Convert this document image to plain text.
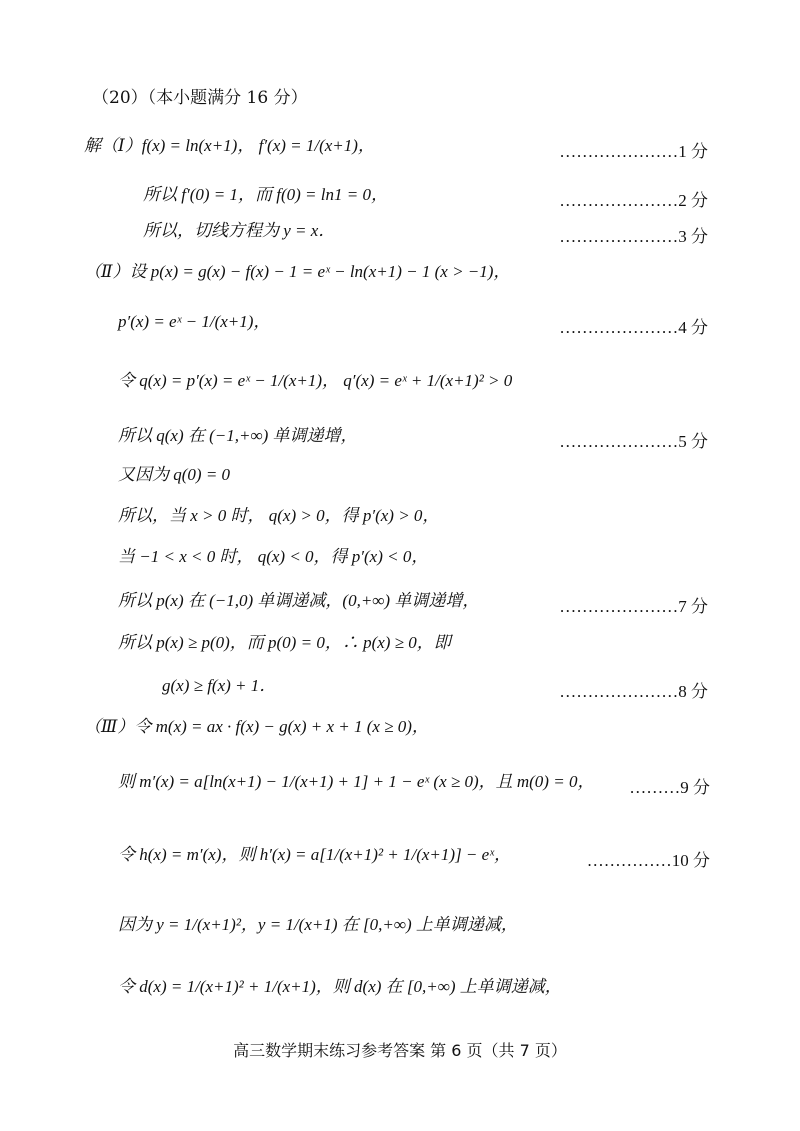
（20）（本小题满分 16 分）
解（Ⅰ）f(x) = ln(x+1)， f′(x) = 1/(x+1)，	…………………1 分
所以 f′(0) = 1，而 f(0) = ln1 = 0，	…………………2 分
所以，切线方程为 y = x．	…………………3 分
（Ⅱ）设 p(x) = g(x) − f(x) − 1 = eˣ − ln(x+1) − 1 (x > −1)，
p′(x) = eˣ − 1/(x+1)，	…………………4 分
令 q(x) = p′(x) = eˣ − 1/(x+1)， q′(x) = eˣ + 1/(x+1)² > 0
所以 q(x) 在 (−1,+∞) 单调递增，	…………………5 分
又因为 q(0) = 0
所以，当 x > 0 时， q(x) > 0，得 p′(x) > 0，
当 −1 < x < 0 时， q(x) < 0，得 p′(x) < 0，
所以 p(x) 在 (−1,0) 单调递减，(0,+∞) 单调递增，	…………………7 分
所以 p(x) ≥ p(0)，而 p(0) = 0，∴ p(x) ≥ 0，即
g(x) ≥ f(x) + 1．	…………………8 分
（Ⅲ）令 m(x) = ax · f(x) − g(x) + x + 1 (x ≥ 0)，
则 m′(x) = a[ln(x+1) − 1/(x+1) + 1] + 1 − eˣ (x ≥ 0)，且 m(0) = 0，	………9 分
令 h(x) = m′(x)，则 h′(x) = a[1/(x+1)² + 1/(x+1)] − eˣ，	……………10 分
因为 y = 1/(x+1)²，y = 1/(x+1) 在 [0,+∞) 上单调递减，
令 d(x) = 1/(x+1)² + 1/(x+1)，则 d(x) 在 [0,+∞) 上单调递减，
高三数学期末练习参考答案 第 6 页（共 7 页）
